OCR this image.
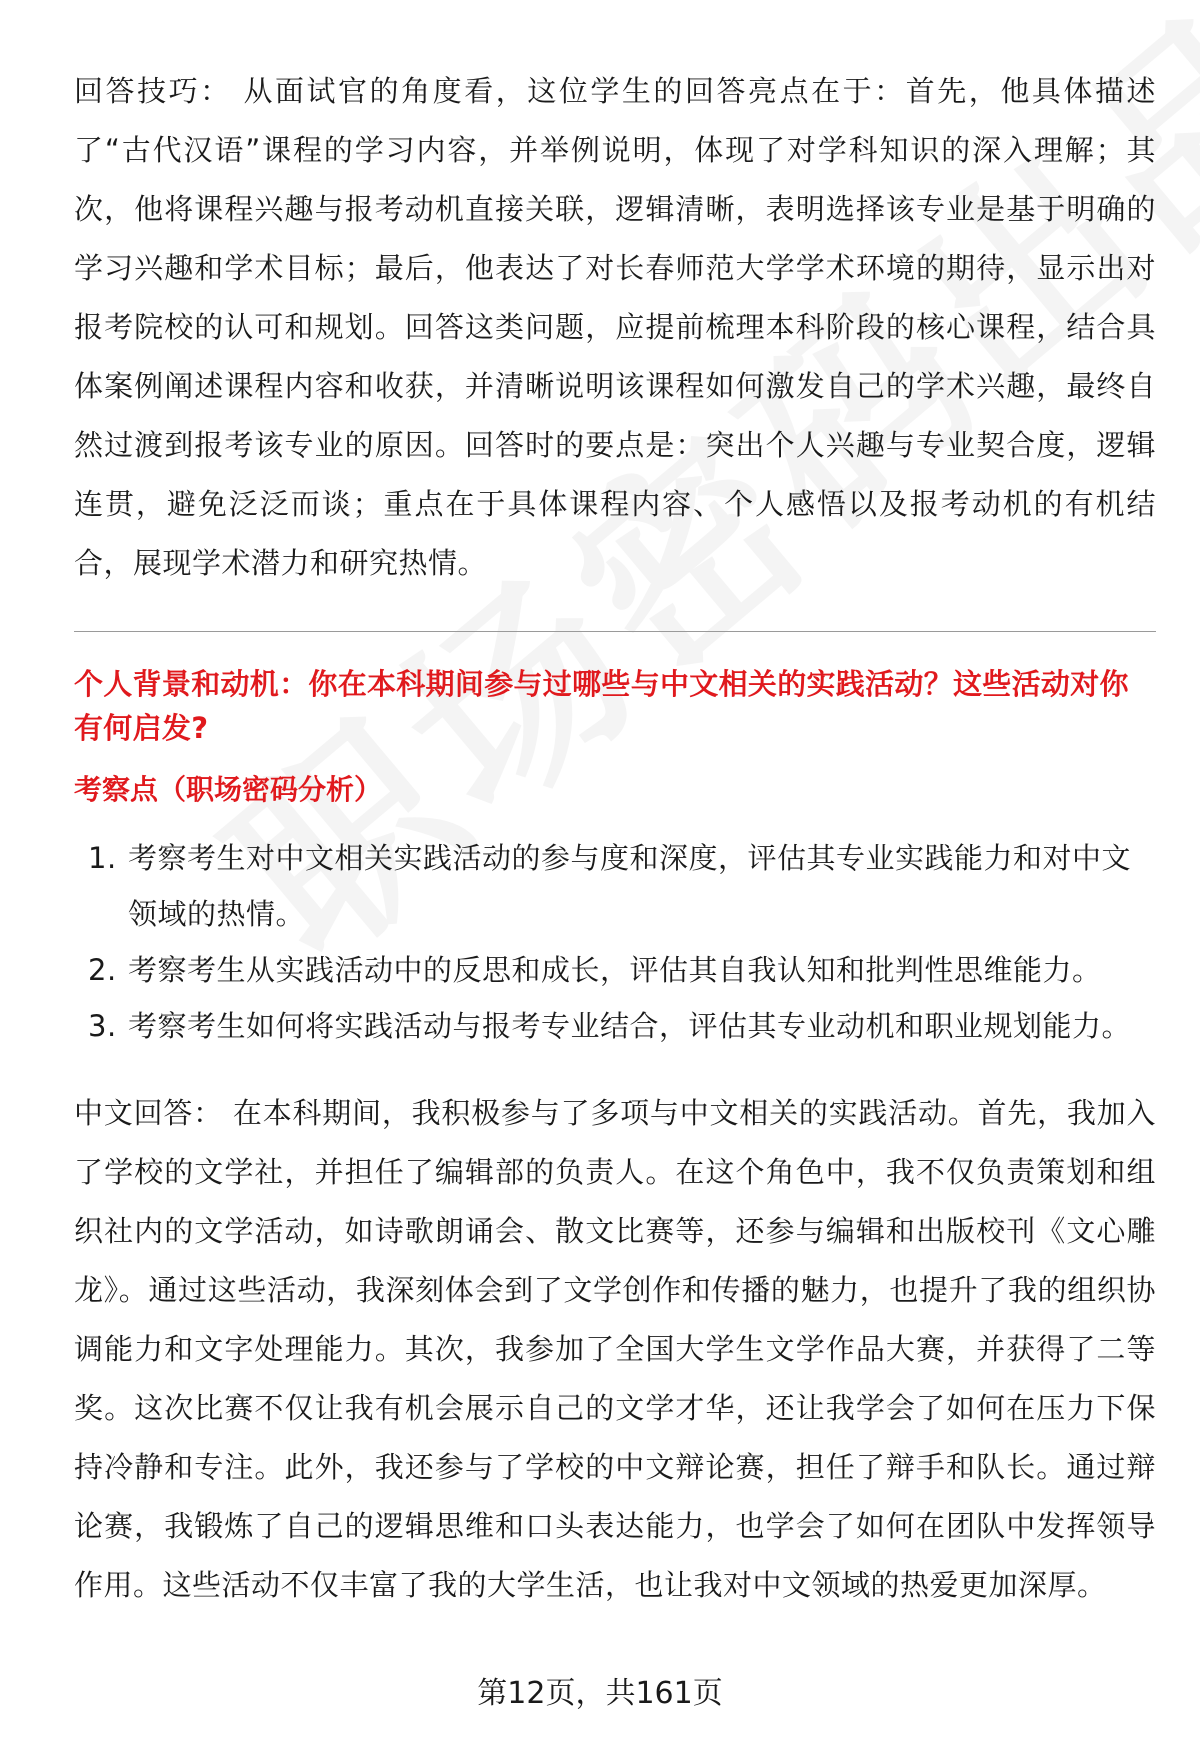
回答技巧： 从面试官的角度看，这位学生的回答亮点在于：首先，他具体描述了“古代汉语”课程的学习内容，并举例说明，体现了对学科知识的深入理解；其次，他将课程兴趣与报考动机直接关联，逻辑清晰，表明选择该专业是基于明确的学习兴趣和学术目标；最后，他表达了对长春师范大学学术环境的期待，显示出对报考院校的认可和规划。回答这类问题，应提前梳理本科阶段的核心课程，结合具体案例阐述课程内容和收获，并清晰说明该课程如何激发自己的学术兴趣，最终自然过渡到报考该专业的原因。回答时的要点是：突出个人兴趣与专业契合度，逻辑连贯，避免泛泛而谈；重点在于具体课程内容、个人感悟以及报考动机的有机结合，展现学术潜力和研究热情。

个人背景和动机：你在本科期间参与过哪些与中文相关的实践活动？这些活动对你有何启发?

考察点（职场密码分析）

1. 考察考生对中文相关实践活动的参与度和深度，评估其专业实践能力和对中文领域的热情。
2. 考察考生从实践活动中的反思和成长，评估其自我认知和批判性思维能力。
3. 考察考生如何将实践活动与报考专业结合，评估其专业动机和职业规划能力。

中文回答： 在本科期间，我积极参与了多项与中文相关的实践活动。首先，我加入了学校的文学社，并担任了编辑部的负责人。在这个角色中，我不仅负责策划和组织社内的文学活动，如诗歌朗诵会、散文比赛等，还参与编辑和出版校刊《文心雕龙》。通过这些活动，我深刻体会到了文学创作和传播的魅力，也提升了我的组织协调能力和文字处理能力。其次，我参加了全国大学生文学作品大赛，并获得了二等奖。这次比赛不仅让我有机会展示自己的文学才华，还让我学会了如何在压力下保持冷静和专注。此外，我还参与了学校的中文辩论赛，担任了辩手和队长。通过辩论赛，我锻炼了自己的逻辑思维和口头表达能力，也学会了如何在团队中发挥领导作用。这些活动不仅丰富了我的大学生活，也让我对中文领域的热爱更加深厚。

第12页，共161页
